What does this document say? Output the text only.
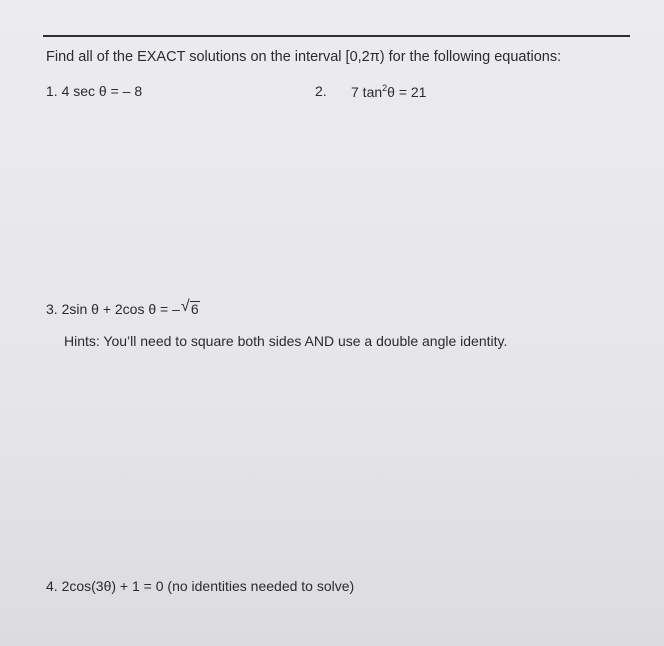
Find all of the EXACT solutions on the interval [0,2π) for the following equations:
1. 4 sec θ = – 8	2. 7 $\tan^2\theta = 21$
3. 2sin θ + 2cos θ = – √ 6
Hints: You’ll need to square both sides AND use a double angle identity.
4. 2cos(3θ) + 1 = 0 (no identities needed to solve)
